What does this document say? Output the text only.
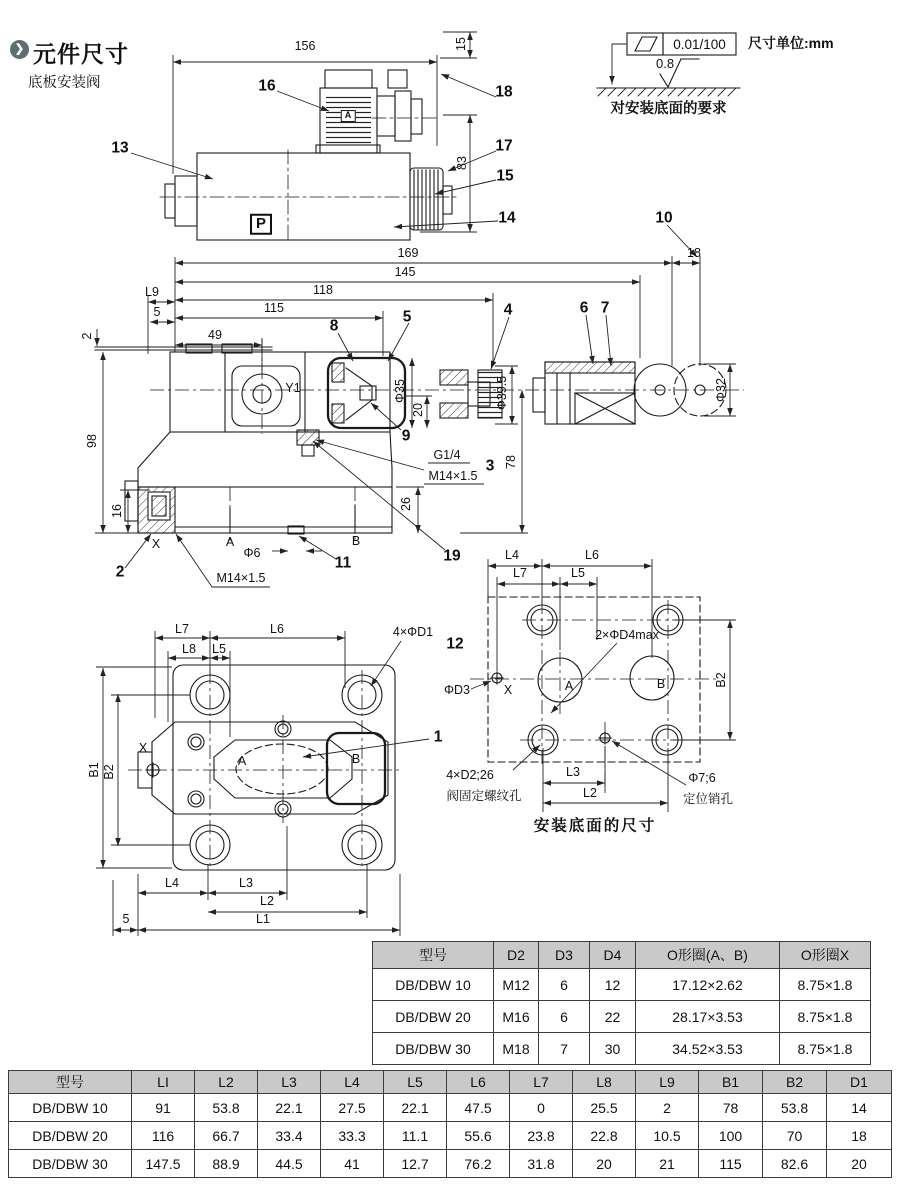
❯ 元件尺寸
底板安装阀
尺寸单位:mm
0.01/100
0.8
对安装底面的要求
156	15
16	18
13	17
83
15
14
A
P
169	18
10
145
118
L9
5	115
49
2
98
16
8
5	4	6 7
Y1	Φ35
20	Φ39.5	Φ32
9
G1/4
M14×1.5
3 78
26
19
X	A
Φ6
B
11
2	M14×1.5
L7	L6
L8 L5
4×ΦD1
12
1
X
A	B
B1 B2
L4	L3
L2
L1
5
L4	L6
L7	L5
2×ΦD4max
ΦD3	X	A	B	B2
4×D2;26
阀固定螺纹孔
L3
L2
Φ7;6
定位销孔
安装底面的尺寸
型号	D2	D3	D4	O形圈(A、B)	O形圈X
DB/DBW 10	M12	6	12	17.12×2.62	8.75×1.8
DB/DBW 20	M16	6	22	28.17×3.53	8.75×1.8
DB/DBW 30	M18	7	30	34.52×3.53	8.75×1.8
型号	LI	L2	L3	L4	L5	L6	L7	L8	L9	B1	B2	D1
DB/DBW 10	91	53.8	22.1	27.5	22.1	47.5	0	25.5	2	78	53.8	14
DB/DBW 20	116	66.7	33.4	33.3	11.1	55.6	23.8	22.8	10.5	100	70	18
DB/DBW 30	147.5	88.9	44.5	41	12.7	76.2	31.8	20	21	115	82.6	20
